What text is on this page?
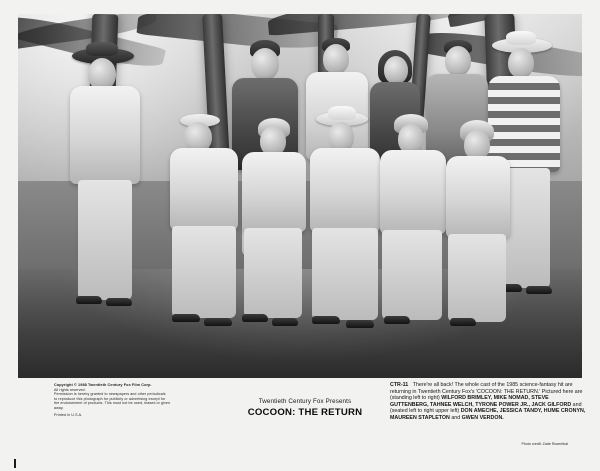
Copyright © 1988 Twentieth Century Fox Film Corp.
All rights reserved.
Permission is hereby granted to newspapers and other periodicals
to reproduce this photograph for publicity or advertising except for
the endorsement of products. This must not be used, leased or given
away.
Printed in U.S.A.
Twentieth Century Fox Presents
COCOON: THE RETURN
CTR-11 There're all back! The whole cast of the 1985 science-fantasy hit are returning in Twentieth Century Fox's 'COCOON: THE RETURN.' Pictured here are (standing left to right) WILFORD BRIMLEY, MIKE NOMAD, STEVE GUTTENBERG, TAHNEE WELCH, TYRONE POWER JR., JACK GILFORD and (seated left to right upper left) DON AMECHE, JESSICA TANDY, HUME CRONYN, MAUREEN STAPLETON and GWEN VERDON.
Photo credit: Zade Rosenthal
